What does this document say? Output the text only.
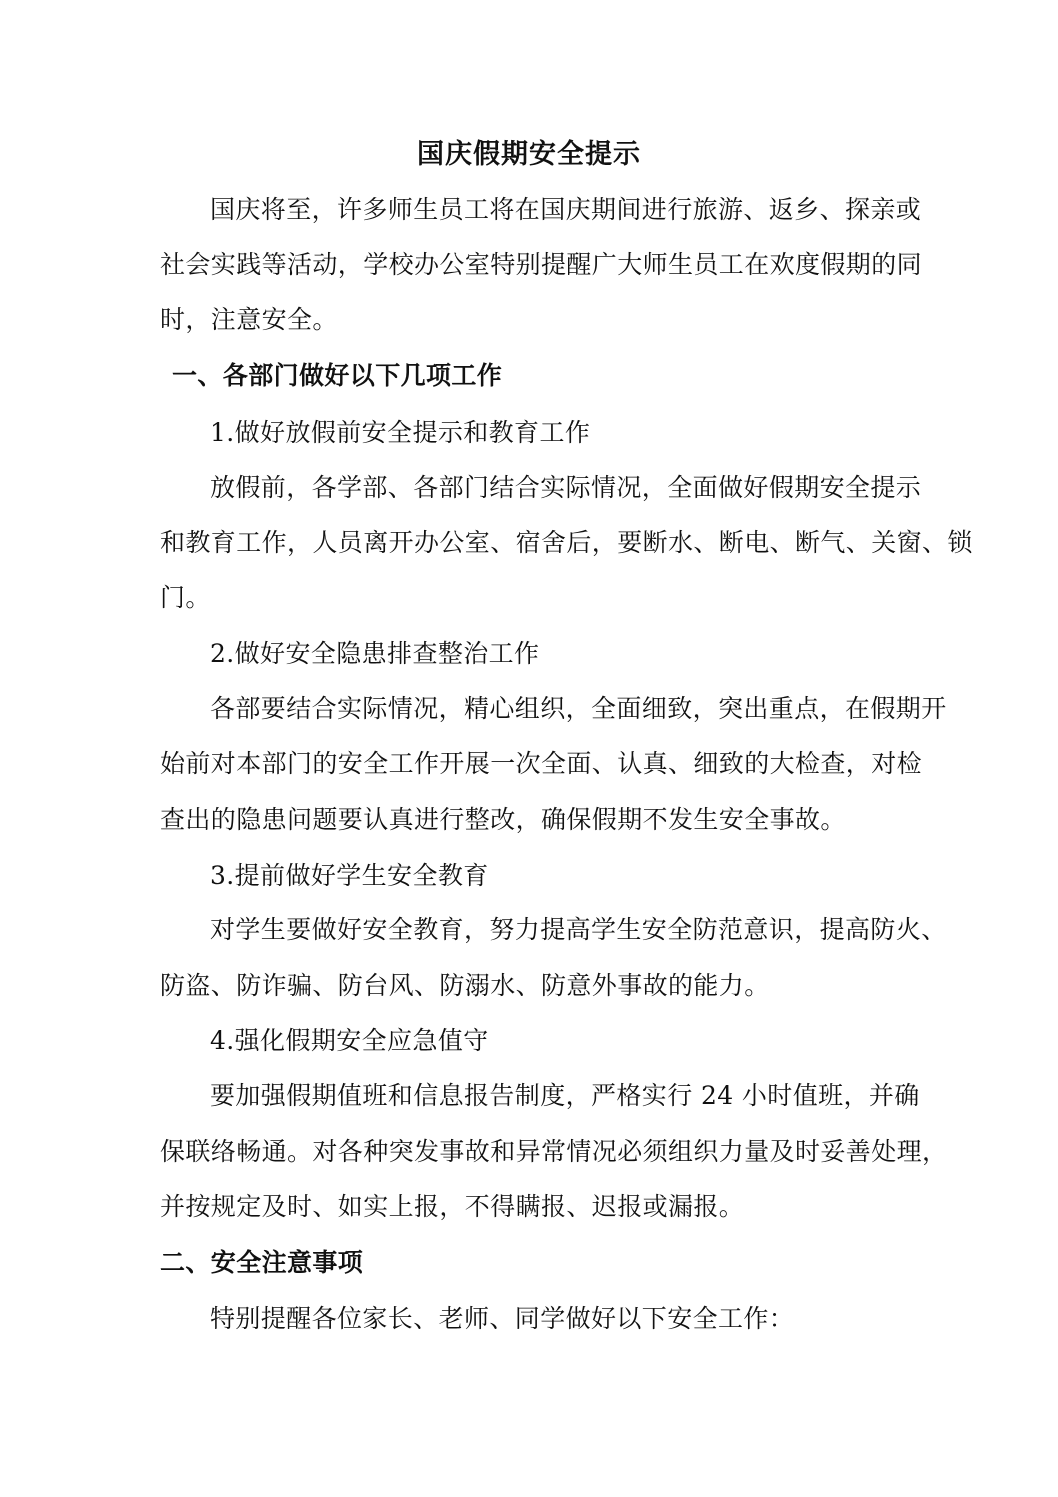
国庆假期安全提示
国庆将至，许多师生员工将在国庆期间进行旅游、返乡、探亲或
社会实践等活动，学校办公室特别提醒广大师生员工在欢度假期的同
时，注意安全。
一、各部门做好以下几项工作
1.做好放假前安全提示和教育工作
放假前，各学部、各部门结合实际情况，全面做好假期安全提示
和教育工作，人员离开办公室、宿舍后，要断水、断电、断气、关窗、锁
门。
2.做好安全隐患排查整治工作
各部要结合实际情况，精心组织，全面细致，突出重点，在假期开
始前对本部门的安全工作开展一次全面、认真、细致的大检查，对检
查出的隐患问题要认真进行整改，确保假期不发生安全事故。
3.提前做好学生安全教育
对学生要做好安全教育，努力提高学生安全防范意识，提高防火、
防盗、防诈骗、防台风、防溺水、防意外事故的能力。
4.强化假期安全应急值守
要加强假期值班和信息报告制度，严格实行 24 小时值班，并确
保联络畅通。对各种突发事故和异常情况必须组织力量及时妥善处理，
并按规定及时、如实上报，不得瞒报、迟报或漏报。
二、安全注意事项
特别提醒各位家长、老师、同学做好以下安全工作：
